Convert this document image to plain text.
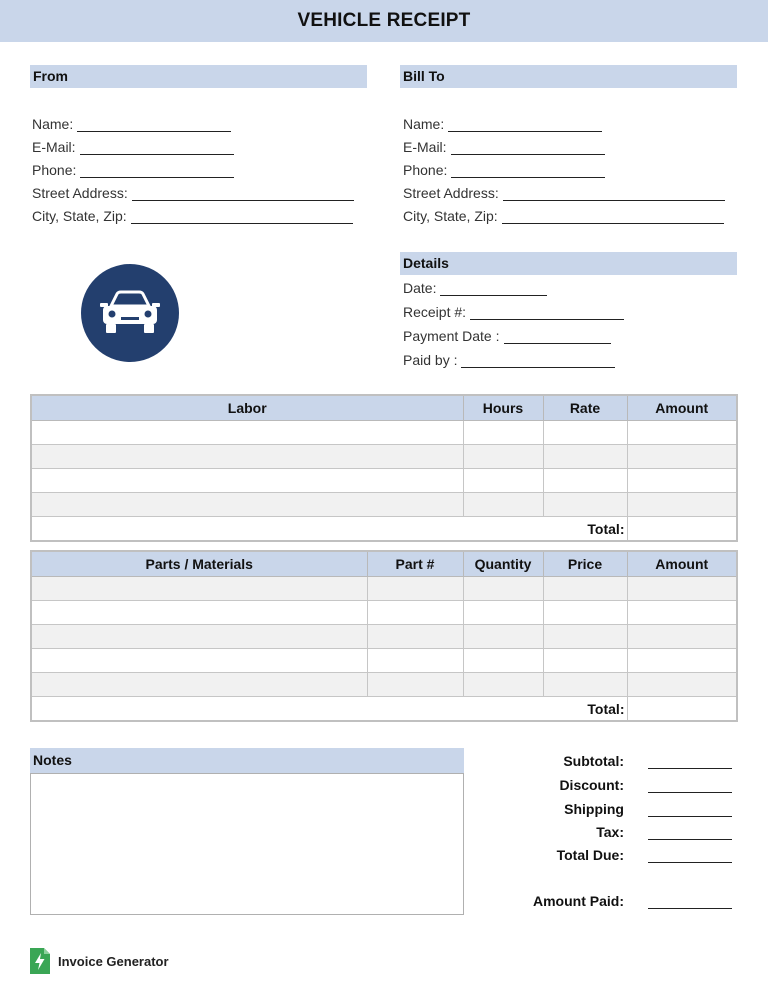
VEHICLE RECEIPT
From
Name:
E-Mail:
Phone:
Street Address:
City, State, Zip:
Bill To
Name:
E-Mail:
Phone:
Street Address:
City, State, Zip:
Details
Date:
Receipt #:
Payment Date :
Paid by :
Labor	Hours	Rate	Amount

Total:			
Parts / Materials	Part #	Quantity	Price	Amount

Total:				
Notes	Subtotal:
Discount:
Shipping
Tax:
Total Due:
Amount Paid:
Invoice Generator
